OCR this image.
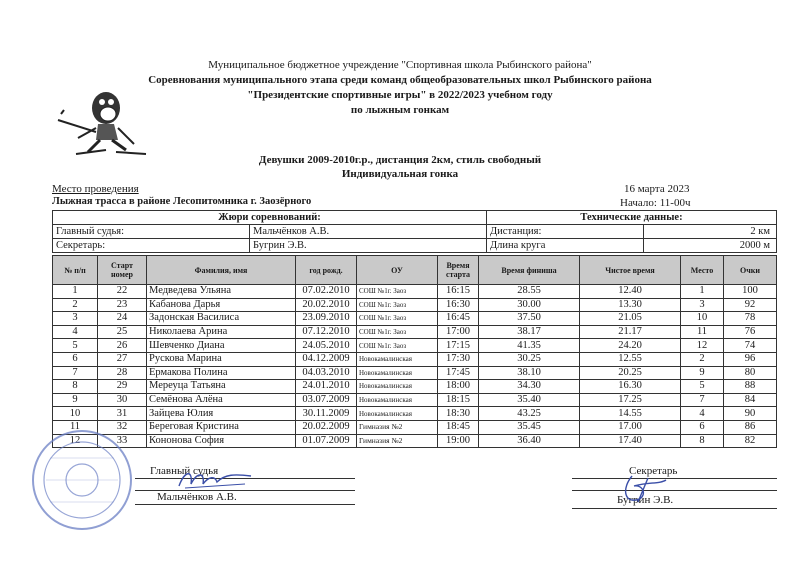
Муниципальное бюджетное учреждение "Спортивная школа Рыбинского района"
Соревнования муниципального этапа среди команд общеобразовательных школ Рыбинского района
"Президентские спортивные игры" в 2022/2023 учебном году
по лыжным гонкам
Девушки 2009-2010г.р., дистанция 2км, стиль свободный
Индивидуальная гонка
Место проведения
Лыжная трасса в районе Лесопитомника г. Заозёрного
16 марта 2023
Начало: 11-00ч
Жюри соревнований:		Технические данные:	
Главный судья:	Мальчёнков А.В.	Дистанция:	2 км
Секретарь:	Бугрин Э.В.	Длина круга	2000 м
№ п/п	Старт номер	Фамилия, имя	год рожд.	ОУ	Время старта	Время финиша	Чистое время	Место	Очки
1	22	Медведева Ульяна	07.02.2010	СОШ №1г. Заоз	16:15	28.55	12.40	1	100
2	23	Кабанова Дарья	20.02.2010	СОШ №1г. Заоз	16:30	30.00	13.30	3	92
3	24	Задонская Василиса	23.09.2010	СОШ №1г. Заоз	16:45	37.50	21.05	10	78
4	25	Николаева Арина	07.12.2010	СОШ №1г. Заоз	17:00	38.17	21.17	11	76
5	26	Шевченко Диана	24.05.2010	СОШ №1г. Заоз	17:15	41.35	24.20	12	74
6	27	Рускова Марина	04.12.2009	Новокамалинская	17:30	30.25	12.55	2	96
7	28	Ермакова Полина	04.03.2010	Новокамалинская	17:45	38.10	20.25	9	80
8	29	Мереуца Татьяна	24.01.2010	Новокамалинская	18:00	34.30	16.30	5	88
9	30	Семёнова Алёна	03.07.2009	Новокамалинская	18:15	35.40	17.25	7	84
10	31	Зайцева Юлия	30.11.2009	Новокамалинская	18:30	43.25	14.55	4	90
11	32	Береговая Кристина	20.02.2009	Гимназия №2	18:45	35.45	17.00	6	86
12	33	Кононова София	01.07.2009	Гимназия №2	19:00	36.40	17.40	8	82
Главный судья
Мальчёнков А.В.
Секретарь
Бугрин Э.В.
